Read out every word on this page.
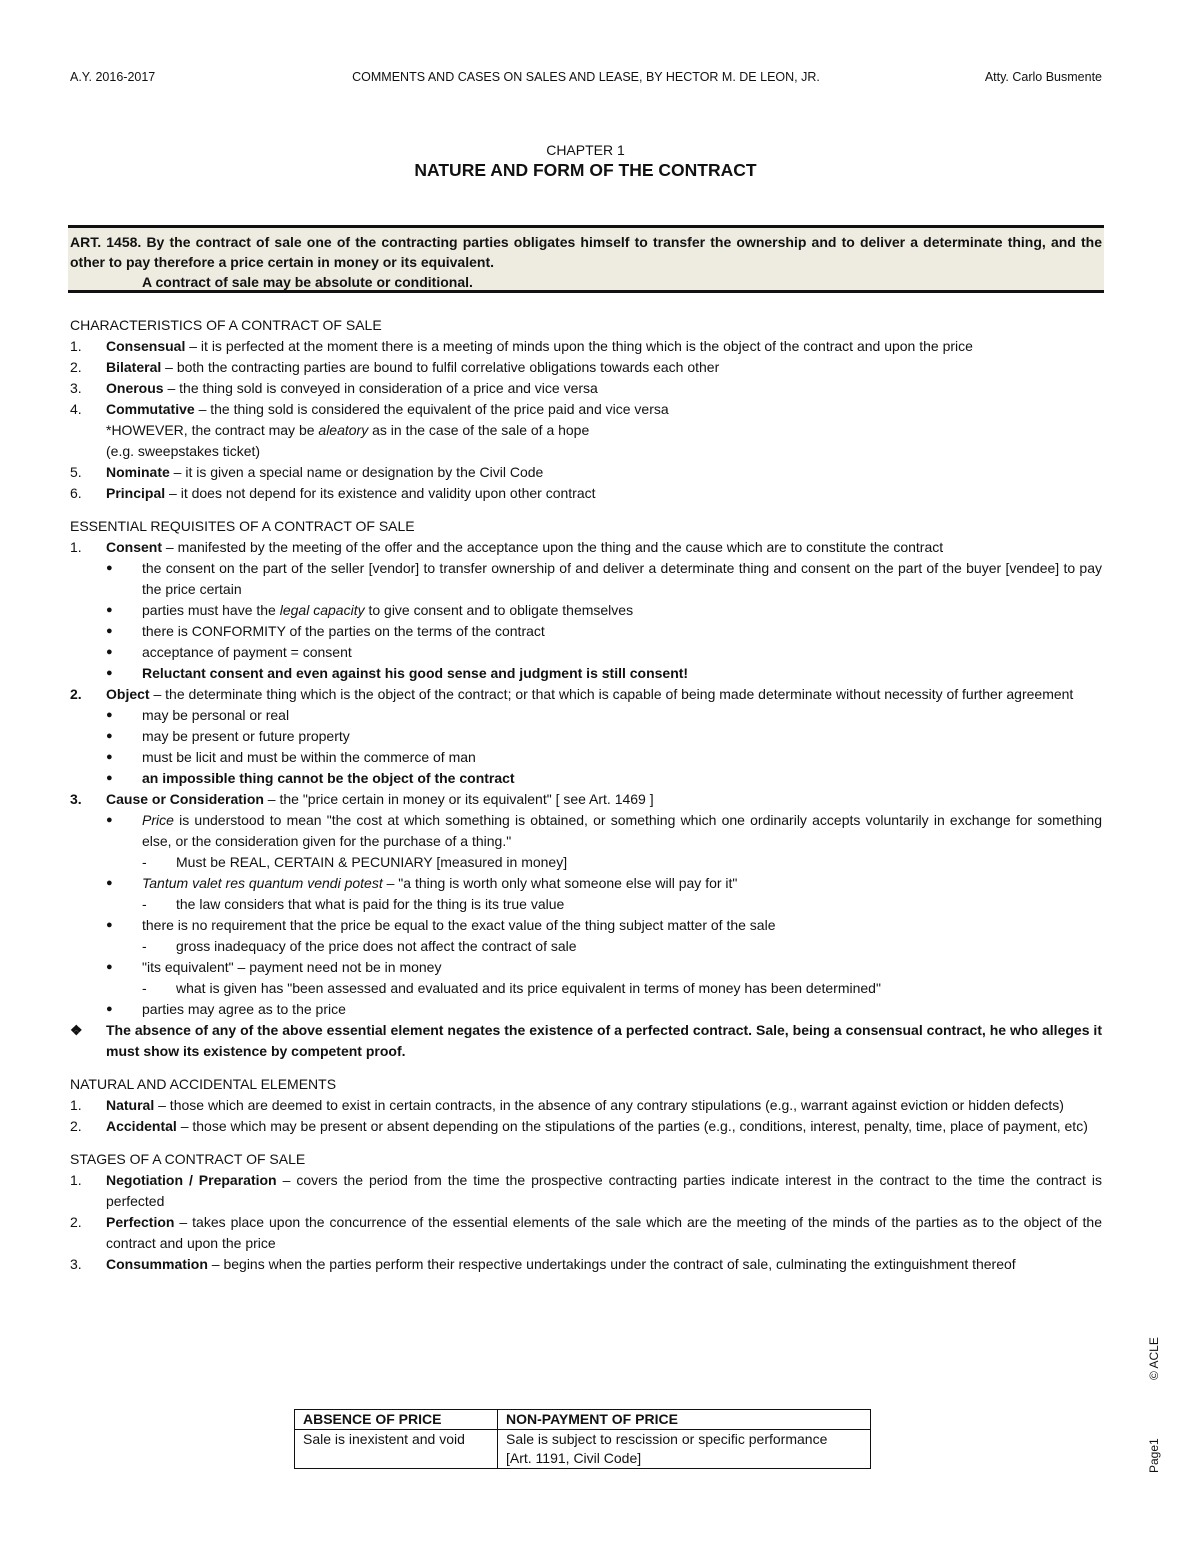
A.Y. 2016-2017	COMMENTS AND CASES ON SALES AND LEASE, BY HECTOR M. DE LEON, JR.	Atty. Carlo Busmente
CHAPTER 1
NATURE AND FORM OF THE CONTRACT
ART. 1458. By the contract of sale one of the contracting parties obligates himself to transfer the ownership and to deliver a determinate thing, and the other to pay therefore a price certain in money or its equivalent.
A contract of sale may be absolute or conditional.
CHARACTERISTICS OF A CONTRACT OF SALE
1.	Consensual – it is perfected at the moment there is a meeting of minds upon the thing which is the object of the contract and upon the price
2.	Bilateral – both the contracting parties are bound to fulfil correlative obligations towards each other
3.	Onerous – the thing sold is conveyed in consideration of a price and vice versa
4.	Commutative – the thing sold is considered the equivalent of the price paid and vice versa
*HOWEVER, the contract may be aleatory as in the case of the sale of a hope
(e.g. sweepstakes ticket)
5.	Nominate – it is given a special name or designation by the Civil Code
6.	Principal – it does not depend for its existence and validity upon other contract
ESSENTIAL REQUISITES OF A CONTRACT OF SALE
1.	Consent – manifested by the meeting of the offer and the acceptance upon the thing and the cause which are to constitute the contract
●	the consent on the part of the seller [vendor] to transfer ownership of and deliver a determinate thing and consent on the part of the buyer [vendee] to pay the price certain
●	parties must have the legal capacity to give consent and to obligate themselves
●	there is CONFORMITY of the parties on the terms of the contract
●	acceptance of payment = consent
●	Reluctant consent and even against his good sense and judgment is still consent!
2.	Object – the determinate thing which is the object of the contract; or that which is capable of being made determinate without necessity of further agreement
●	may be personal or real
●	may be present or future property
●	must be licit and must be within the commerce of man
●	an impossible thing cannot be the object of the contract
3.	Cause or Consideration – the "price certain in money or its equivalent" [ see Art. 1469 ]
●	Price is understood to mean "the cost at which something is obtained, or something which one ordinarily accepts voluntarily in exchange for something else, or the consideration given for the purchase of a thing."
-	Must be REAL, CERTAIN & PECUNIARY [measured in money]
●	Tantum valet res quantum vendi potest – "a thing is worth only what someone else will pay for it"
-	the law considers that what is paid for the thing is its true value
●	there is no requirement that the price be equal to the exact value of the thing subject matter of the sale
-	gross inadequacy of the price does not affect the contract of sale
●	"its equivalent" – payment need not be in money
-	what is given has "been assessed and evaluated and its price equivalent in terms of money has been determined"
●	parties may agree as to the price
❖	The absence of any of the above essential element negates the existence of a perfected contract. Sale, being a consensual contract, he who alleges it must show its existence by competent proof.
NATURAL AND ACCIDENTAL ELEMENTS
1.	Natural – those which are deemed to exist in certain contracts, in the absence of any contrary stipulations (e.g., warrant against eviction or hidden defects)
2.	Accidental – those which may be present or absent depending on the stipulations of the parties (e.g., conditions, interest, penalty, time, place of payment, etc)
STAGES OF A CONTRACT OF SALE
1.	Negotiation / Preparation – covers the period from the time the prospective contracting parties indicate interest in the contract to the time the contract is perfected
2.	Perfection – takes place upon the concurrence of the essential elements of the sale which are the meeting of the minds of the parties as to the object of the contract and upon the price
3.	Consummation – begins when the parties perform their respective undertakings under the contract of sale, culminating the extinguishment thereof
ABSENCE OF PRICE	NON-PAYMENT OF PRICE
Sale is inexistent and void	Sale is subject to rescission or specific performance
[Art. 1191, Civil Code]
© ACLE
Page1
